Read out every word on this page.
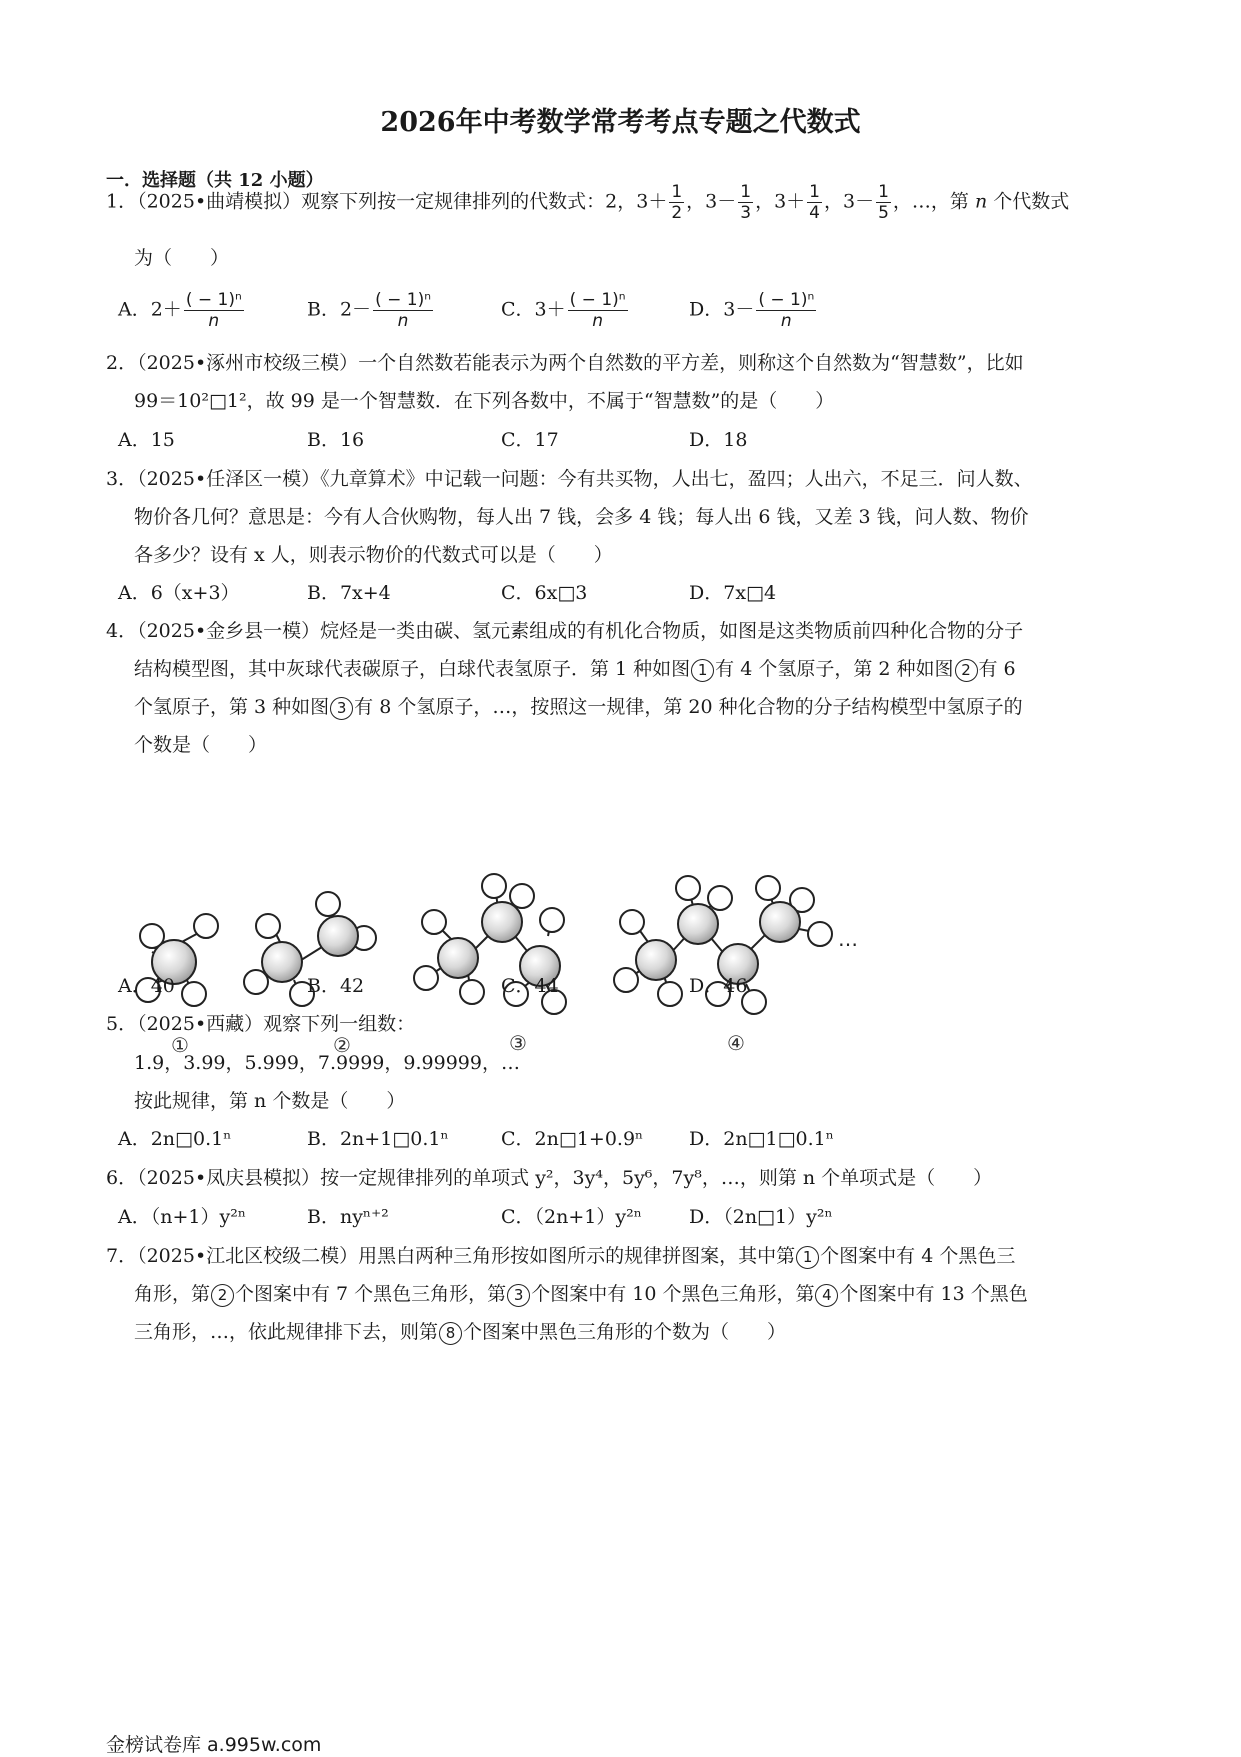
2026年中考数学常考考点专题之代数式
一．选择题（共 12 小题）
1．（2025•曲靖模拟）观察下列按一定规律排列的代数式：2，$3+ \frac{1}{2}$ ，$3- \frac{1}{3}$ ，$3+ \frac{1}{4}$ ，$3- \frac{1}{5}$ ，…，第 n 个代数式
为（　　）
A．$2+ \frac{\text{( − 1)ⁿ}}{n}$	B．$2- \frac{\text{( − 1)ⁿ}}{n}$	C．$3+ \frac{\text{( − 1)ⁿ}}{n}$	D．$3- \frac{\text{( − 1)ⁿ}}{n}$
2．（2025•涿州市校级三模）一个自然数若能表示为两个自然数的平方差，则称这个自然数为“智慧数”，比如
99＝10²□1²，故 99 是一个智慧数．在下列各数中，不属于“智慧数”的是（　　）
A．15	B．16	C．17	D．18
3．（2025•任泽区一模）《九章算术》中记载一问题：今有共买物，人出七，盈四；人出六，不足三．问人数、
物价各几何？意思是：今有人合伙购物，每人出 7 钱，会多 4 钱；每人出 6 钱，又差 3 钱，问人数、物价
各多少？设有 x 人，则表示物价的代数式可以是（　　）
A．6（x+3）	B．7x+4	C．6x□3	D．7x□4
4．（2025•金乡县一模）烷烃是一类由碳、氢元素组成的有机化合物质，如图是这类物质前四种化合物的分子
结构模型图，其中灰球代表碳原子，白球代表氢原子．第 1 种如图 1 有 4 个氢原子，第 2 种如图 2 有 6
个氢原子，第 3 种如图 3 有 8 个氢原子，…，按照这一规律，第 20 种化合物的分子结构模型中氢原子的
个数是（　　）
…
①	②	③	④
A．40	B．42	C．44	D．46
5．（2025•西藏）观察下列一组数：
1.9，3.99，5.999，7.9999，9.99999，…
按此规律，第 n 个数是（　　）
A．2n□0.1ⁿ	B．2n+1□0.1ⁿ	C．2n□1+0.9ⁿ D．2n□1□0.1ⁿ
6．（2025•凤庆县模拟）按一定规律排列的单项式 y²，3y⁴，5y⁶，7y⁸，…，则第 n 个单项式是（　　）
A．（n+1）y²ⁿ	B．nyⁿ⁺²	C．（2n+1）y²ⁿ D．（2n□1）y²ⁿ
7．（2025•江北区校级二模）用黑白两种三角形按如图所示的规律拼图案，其中第 1 个图案中有 4 个黑色三
角形，第 2 个图案中有 7 个黑色三角形，第 3 个图案中有 10 个黑色三角形，第 4 个图案中有 13 个黑色
三角形，…，依此规律排下去，则第 8 个图案中黑色三角形的个数为（　　）
金榜试卷库 a.995w.com
